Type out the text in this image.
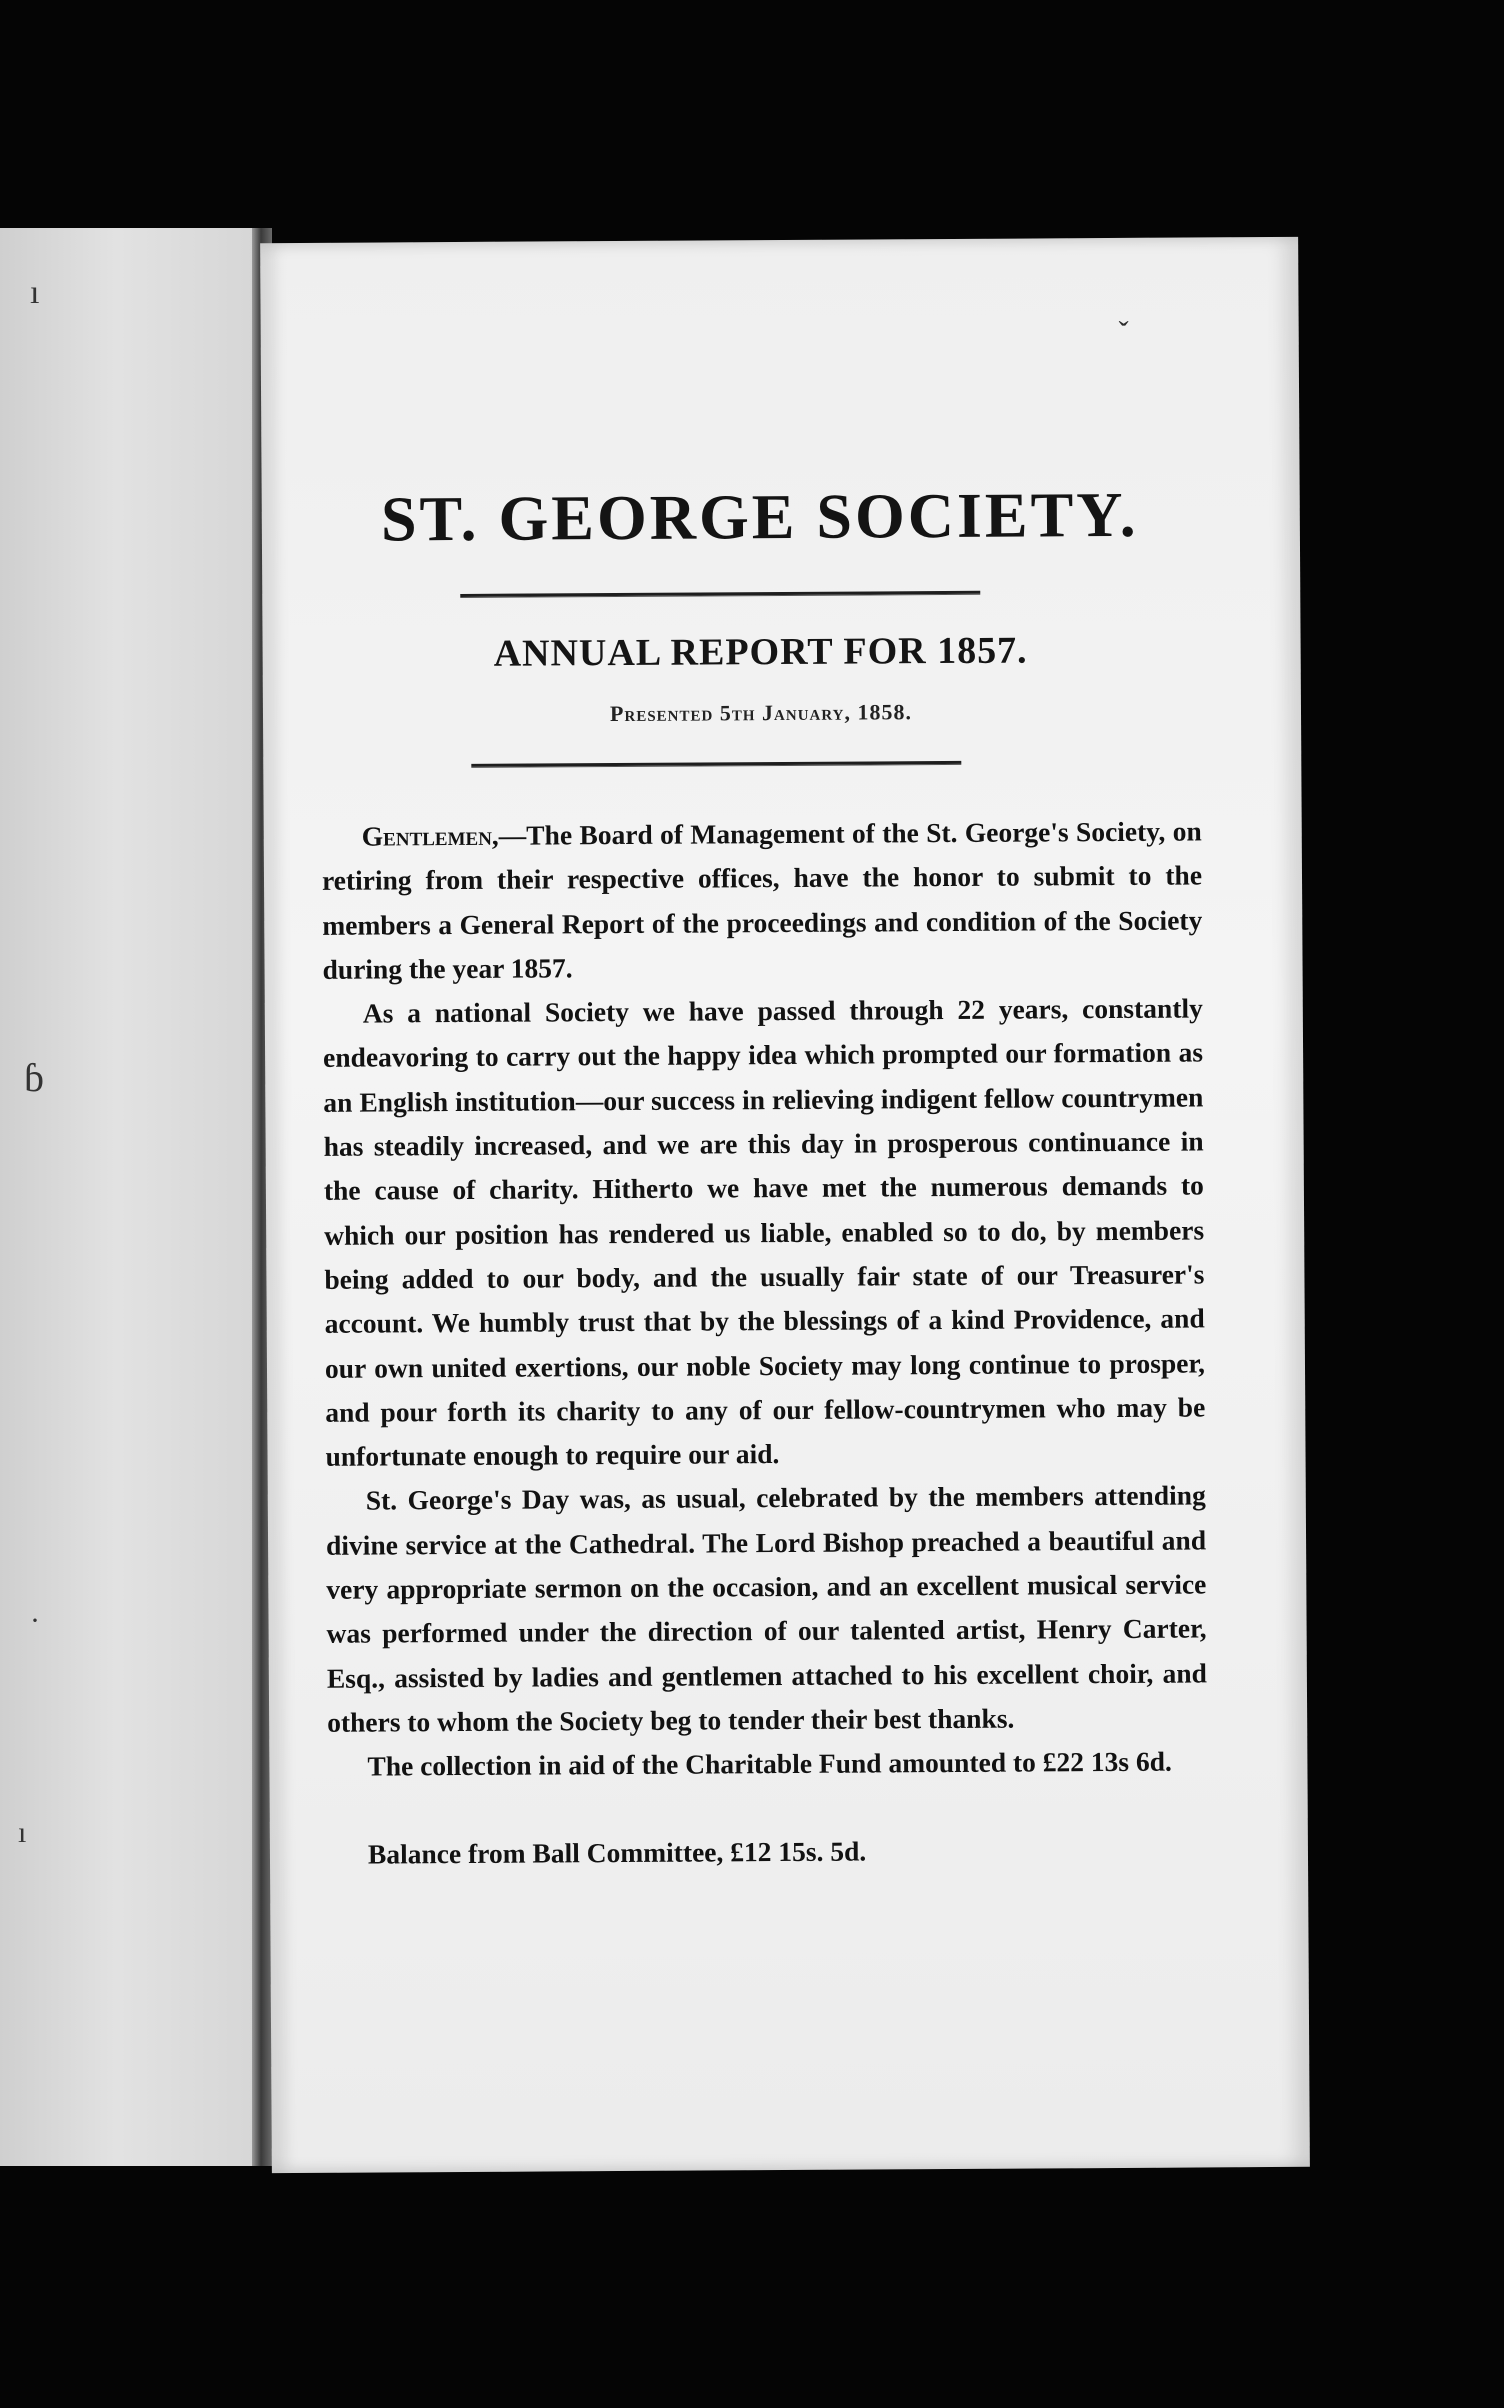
ı
ɓ
·
ı
ˇ
ST. GEORGE SOCIETY.
ANNUAL REPORT FOR 1857.
Presented 5th January, 1858.

Gentlemen,—The Board of Management of the St. George's Society, on retiring from their respective offices, have the honor to submit to the members a General Report of the proceedings and condition of the Society during the year 1857.

As a national Society we have passed through 22 years, constantly endeavoring to carry out the happy idea which prompted our formation as an English institution—our success in relieving indigent fellow countrymen has steadily increased, and we are this day in prosperous continuance in the cause of charity. Hitherto we have met the numerous demands to which our position has rendered us liable, enabled so to do, by members being added to our body, and the usually fair state of our Treasurer's account. We humbly trust that by the blessings of a kind Providence, and our own united exertions, our noble Society may long continue to prosper, and pour forth its charity to any of our fellow-countrymen who may be unfortunate enough to require our aid.

St. George's Day was, as usual, celebrated by the members attending divine service at the Cathedral. The Lord Bishop preached a beautiful and very appropriate sermon on the occasion, and an excellent musical service was performed under the direction of our talented artist, Henry Carter, Esq., assisted by ladies and gentlemen attached to his excellent choir, and others to whom the Society beg to tender their best thanks.

The collection in aid of the Charitable Fund amounted to £22 13s 6d.

Balance from Ball Committee, £12 15s. 5d.
